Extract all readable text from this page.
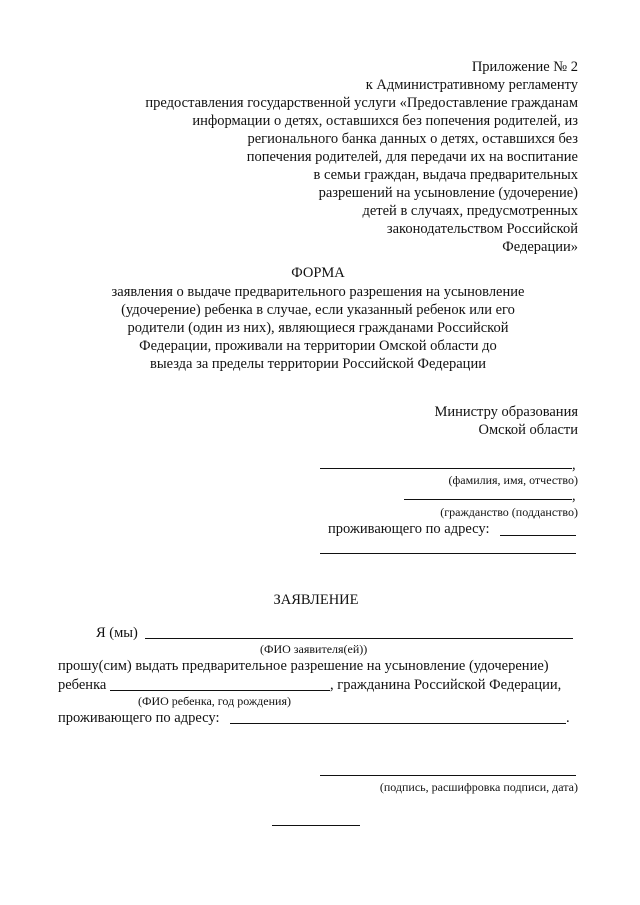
Приложение № 2
к Административному регламенту
предоставления государственной услуги «Предоставление гражданам
информации о детях, оставшихся без попечения родителей, из
регионального банка данных о детях, оставшихся без
попечения родителей, для передачи их на воспитание
в семьи граждан, выдача предварительных
разрешений на усыновление (удочерение)
детей в случаях, предусмотренных
законодательством Российской
Федерации»
ФОРМА
заявления о выдаче предварительного разрешения на усыновление
(удочерение) ребенка в случае, если указанный ребенок или его
родители (один из них), являющиеся гражданами Российской
Федерации, проживали на территории Омской области до
выезда за пределы территории Российской Федерации
Министру образования
Омской области
,
(фамилия, имя, отчество)
,
(гражданство (подданство)
проживающего по адресу:
ЗАЯВЛЕНИЕ
Я (мы)
(ФИО заявителя(ей))
прошу(сим) выдать предварительное разрешение на усыновление (удочерение)
ребенка	, гражданина Российской Федерации,
(ФИО ребенка, год рождения)
проживающего по адресу:	.
(подпись, расшифровка подписи, дата)
